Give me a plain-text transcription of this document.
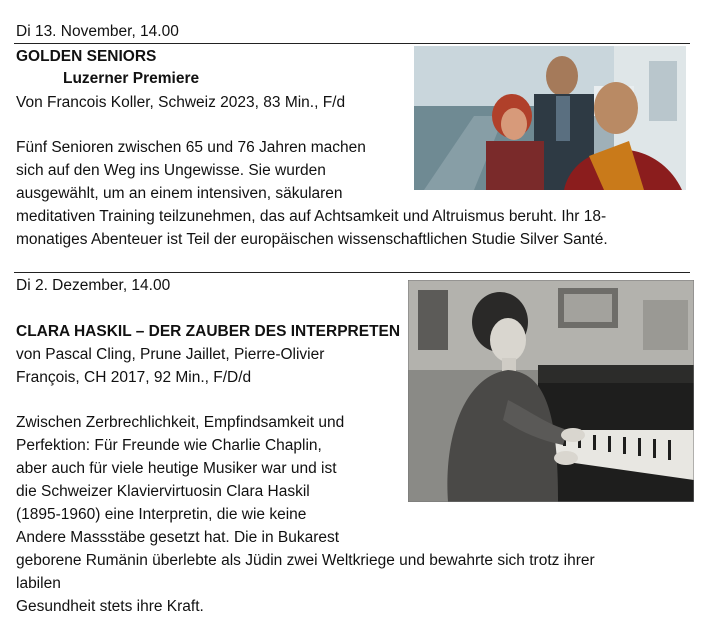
Di 13. November, 14.00
GOLDEN SENIORS
Luzerner Premiere
Von Francois Koller, Schweiz 2023, 83 Min., F/d
Fünf Senioren zwischen 65 und 76 Jahren machen
sich auf den Weg ins Ungewisse. Sie wurden
ausgewählt, um an einem intensiven, säkularen
meditativen Training teilzunehmen, das auf Achtsamkeit und Altruismus beruht. Ihr 18-
monatiges Abenteuer ist Teil der europäischen wissenschaftlichen Studie Silver Santé.
Di 2. Dezember, 14.00
CLARA HASKIL – DER ZAUBER DES INTERPRETEN
von Pascal Cling, Prune Jaillet, Pierre-Olivier
François, CH 2017, 92 Min., F/D/d
Zwischen Zerbrechlichkeit, Empfindsamkeit und
Perfektion: Für Freunde wie Charlie Chaplin,
aber auch für viele heutige Musiker war und ist
die Schweizer Klaviervirtuosin Clara Haskil
(1895-1960) eine Interpretin, die wie keine
Andere Massstäbe gesetzt hat. Die in Bukarest
geborene Rumänin überlebte als Jüdin zwei Weltkriege und bewahrte sich trotz ihrer
labilen
Gesundheit stets ihre Kraft.
